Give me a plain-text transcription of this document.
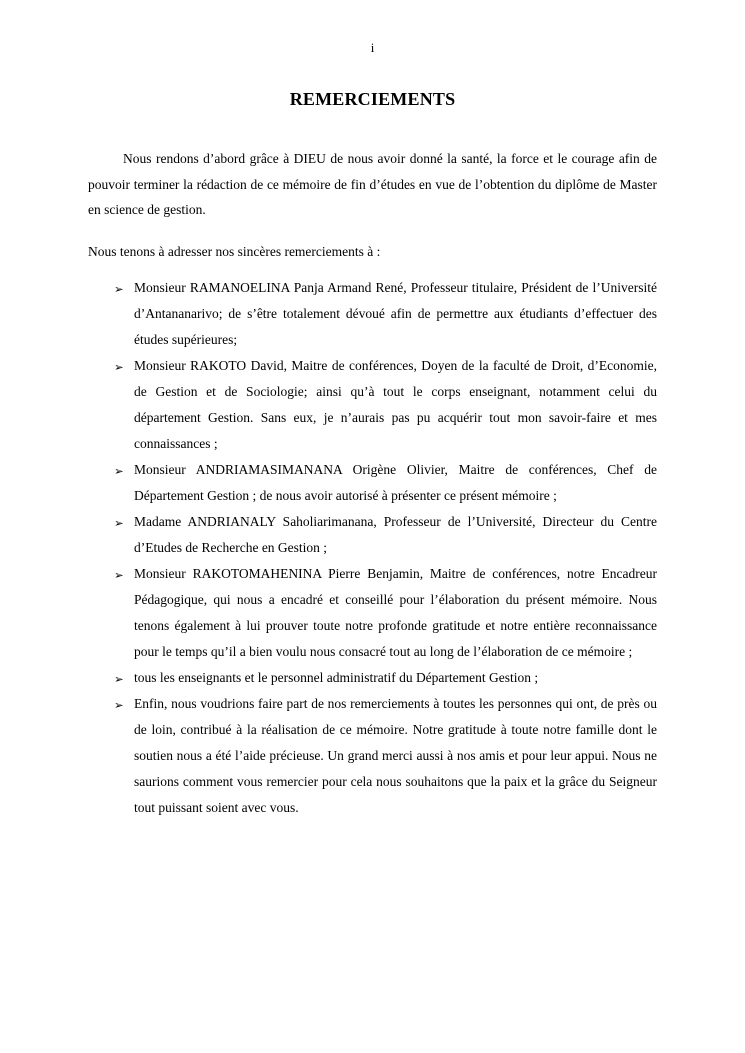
i
REMERCIEMENTS

Nous rendons d’abord grâce à DIEU de nous avoir donné la santé, la force et le courage afin de pouvoir terminer la rédaction de ce mémoire de fin d’études en vue de l’obtention du diplôme de Master en science de gestion.

Nous tenons à adresser nos sincères remerciements à :

➢ Monsieur RAMANOELINA Panja Armand René, Professeur titulaire, Président de l’Université d’Antananarivo; de s’être totalement dévoué afin de permettre aux étudiants d’effectuer des études supérieures;
➢ Monsieur RAKOTO David, Maitre de conférences, Doyen de la faculté de Droit, d’Economie, de Gestion et de Sociologie; ainsi qu’à tout le corps enseignant, notamment celui du département Gestion. Sans eux, je n’aurais pas pu acquérir tout mon savoir-faire et mes connaissances ;
➢ Monsieur ANDRIAMASIMANANA Origène Olivier, Maitre de conférences, Chef de Département Gestion ; de nous avoir autorisé à présenter ce présent mémoire ;
➢ Madame ANDRIANALY Saholiarimanana, Professeur de l’Université, Directeur du Centre d’Etudes de Recherche en Gestion ;
➢ Monsieur RAKOTOMAHENINA Pierre Benjamin, Maitre de conférences, notre Encadreur Pédagogique, qui nous a encadré et conseillé pour l’élaboration du présent mémoire. Nous tenons également à lui prouver toute notre profonde gratitude et notre entière reconnaissance pour le temps qu’il a bien voulu nous consacré tout au long de l’élaboration de ce mémoire ;
➢ tous les enseignants et le personnel administratif du Département Gestion ;
➢ Enfin, nous voudrions faire part de nos remerciements à toutes les personnes qui ont, de près ou de loin, contribué à la réalisation de ce mémoire. Notre gratitude à toute notre famille dont le soutien nous a été l’aide précieuse. Un grand merci aussi à nos amis et pour leur appui. Nous ne saurions comment vous remercier pour cela nous souhaitons que la paix et la grâce du Seigneur tout puissant soient avec vous.
